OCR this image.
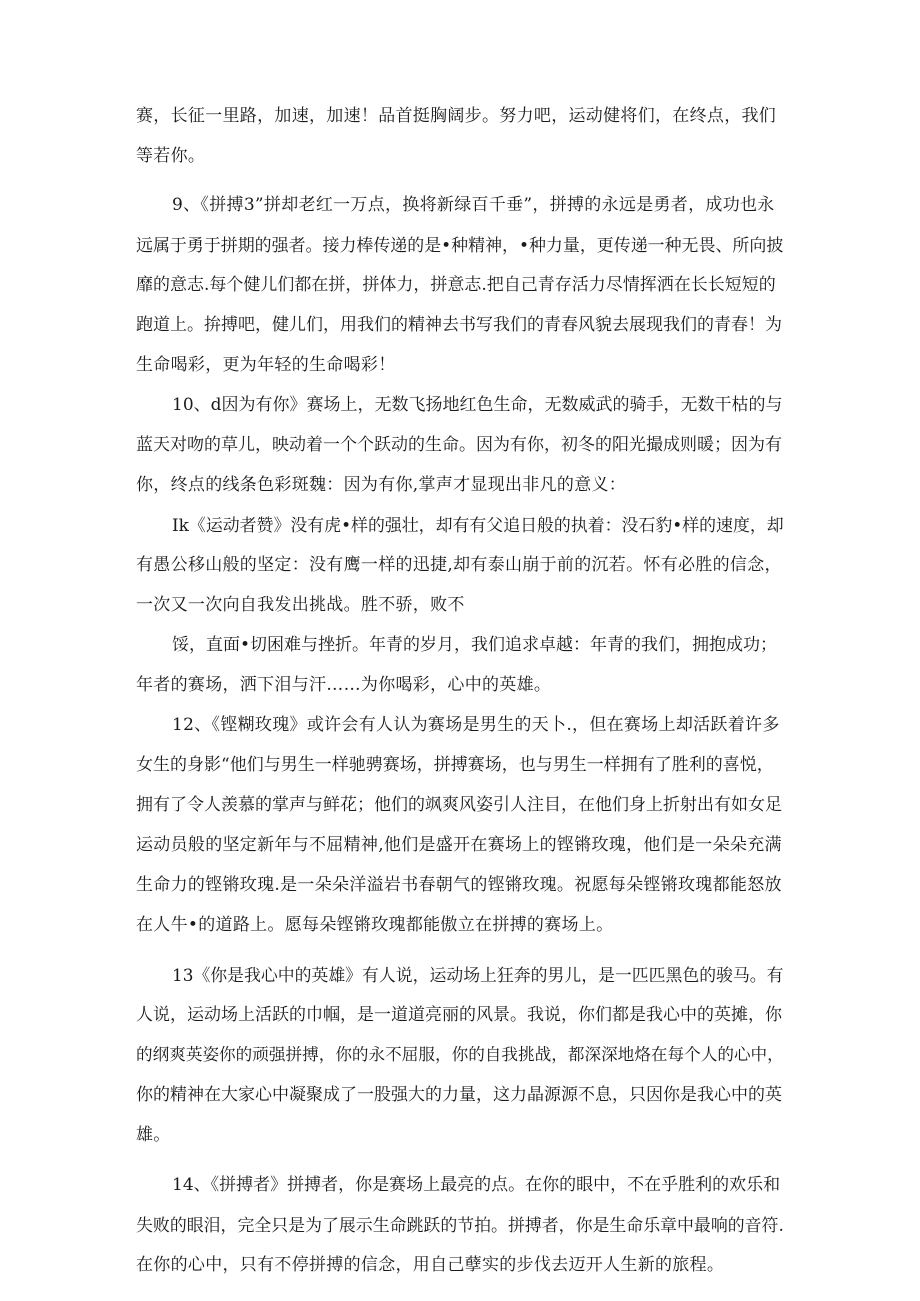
赛，长征一里路，加速，加速！品首挺胸阔步。努力吧，运动健将们，在终点，我们
等若你。
9、《拼搏3”拼却老红一万点，换将新绿百千垂”，拼搏的永远是勇者，成功也永
远属于勇于拼期的强者。接力棒传递的是•种精神，•种力量，更传递一种无畏、所向披
靡的意志.每个健儿们都在拼，拼体力，拼意志.把自己青存活力尽情挥洒在长长短短的
跑道上。拚搏吧，健儿们，用我们的精神去书写我们的青春风貌去展现我们的青春！为
生命喝彩，更为年轻的生命喝彩！
10、d因为有你》赛场上，无数飞扬地红色生命，无数威武的骑手，无数干枯的与
蓝天对吻的草儿，映动着一个个跃动的生命。因为有你，初冬的阳光撮成则暖；因为有
你，终点的线条色彩斑魏：因为有你,掌声才显现出非凡的意义：
Ik《运动者赞》没有虎•样的强壮，却有有父追日般的执着：没石豹•样的速度，却
有愚公移山般的坚定：没有鹰一样的迅捷,却有泰山崩于前的沉若。怀有必胜的信念，
一次又一次向自我发出挑战。胜不骄，败不
馁，直面•切困难与挫折。年青的岁月，我们追求卓越：年青的我们，拥抱成功；
年者的赛场，洒下泪与汗……为你喝彩，心中的英雄。
12、《铿糊玫瑰》或许会有人认为赛场是男生的天卜.，但在赛场上却活跃着许多
女生的身影“他们与男生一样驰骋赛场，拼搏赛场，也与男生一样拥有了胜利的喜悦，
拥有了令人羡慕的掌声与鲜花；他们的飒爽风姿引人注目，在他们身上折射出有如女足
运动员般的坚定新年与不屈精神,他们是盛开在赛场上的铿锵玫瑰，他们是一朵朵充满
生命力的铿锵玫瑰.是一朵朵洋溢岩书春朝气的铿锵玫瑰。祝愿每朵铿锵玫瑰都能怒放
在人牛•的道路上。愿每朵铿锵玫瑰都能傲立在拼搏的赛场上。
13《你是我心中的英雄》有人说，运动场上狂奔的男儿，是一匹匹黑色的骏马。有
人说，运动场上活跃的巾帼，是一道道亮丽的风景。我说，你们都是我心中的英摊，你
的纲爽英姿你的顽强拼搏，你的永不屈服，你的自我挑战，都深深地烙在每个人的心中，
你的精神在大家心中凝聚成了一股强大的力量，这力晶源源不息，只因你是我心中的英
雄。
14、《拼搏者》拼搏者，你是赛场上最亮的点。在你的眼中，不在乎胜利的欢乐和
失败的眼泪，完全只是为了展示生命跳跃的节拍。拼搏者，你是生命乐章中最响的音符.
在你的心中，只有不停拼搏的信念，用自己孽实的步伐去迈开人生新的旅程。
